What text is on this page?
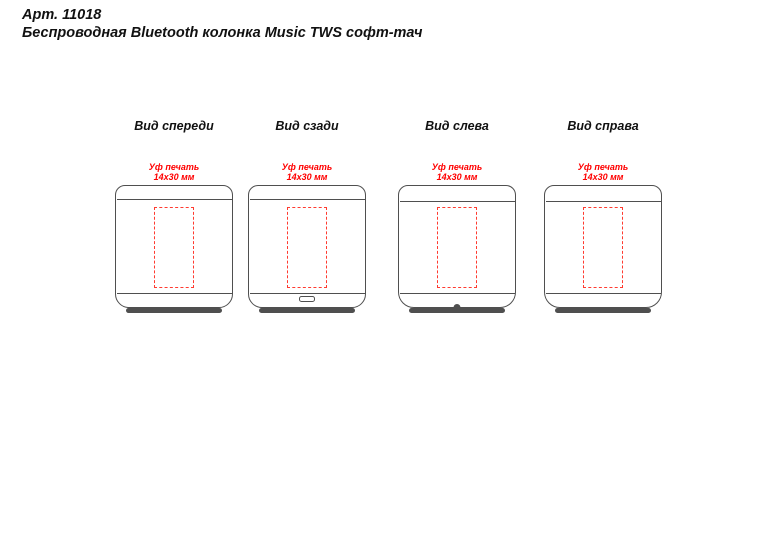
Арт. 11018
Беспроводная Bluetooth колонка Music TWS софт-тач
Вид спереди
Уф печать
14х30 мм
Вид сзади
Уф печать
14х30 мм
Вид слева
Уф печать
14х30 мм
Вид справа
Уф печать
14х30 мм
